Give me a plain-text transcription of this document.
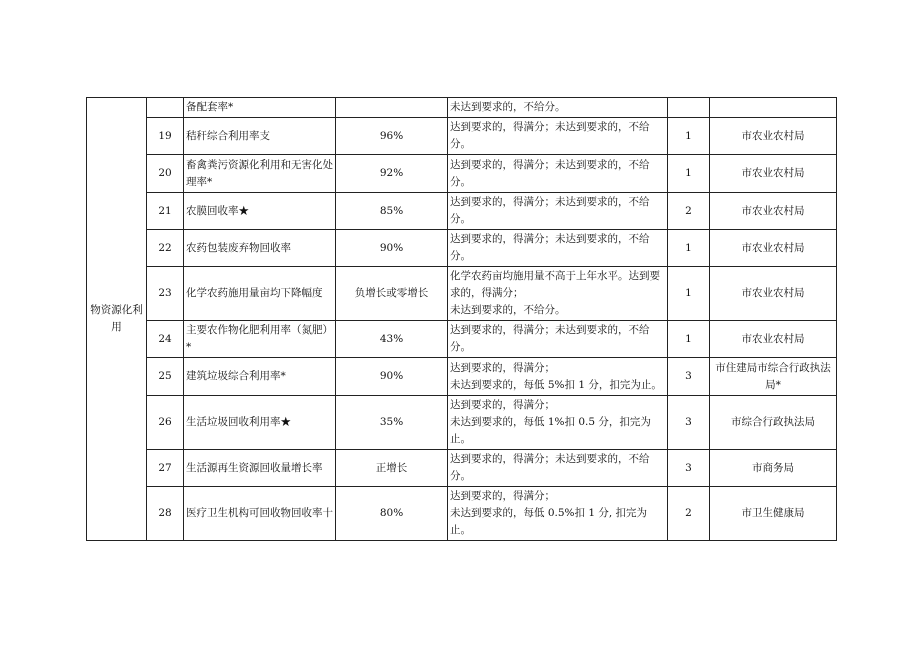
物资源化利用		备配套率*		未达到要求的，不给分。		

	19	秸秆综合利用率支	96%	达到要求的，得满分；未达到要求的，不给
分。	1	市农业农村局
	20	畜禽粪污资源化利用和无害化处理率*	92%	达到要求的，得满分；未达到要求的，不给
分。	1	市农业农村局
	21	农膜回收率★	85%	达到要求的，得满分；未达到要求的，不给
分。	2	市农业农村局
	22	农药包装废弃物回收率	90%	达到要求的，得满分；未达到要求的，不给
分。	1	市农业农村局
	23	化学农药施用量亩均下降幅度	负增长或零增长	化学农药亩均施用量不高于上年水平。达到要
求的，得满分；
未达到要求的，不给分。	1	市农业农村局
	24	主要农作物化肥利用率（氮肥）*	43%	达到要求的，得满分；未达到要求的，不给
分。	1	市农业农村局
	25	建筑垃圾综合利用率*	90%	达到要求的，得满分；
未达到要求的，每低 5%扣 1 分，扣完为止。	3	市住建局市综合行政执法局*
	26	生活垃圾回收利用率★	35%	达到要求的，得满分；
未达到要求的，每低 1%扣 0.5 分，扣完为
止。	3	市综合行政执法局
	27	生活源再生资源回收量增长率	正增长	达到要求的，得满分；未达到要求的，不给
分。	3	市商务局
	28	医疗卫生机构可回收物回收率十	80%	达到要求的，得满分；
未达到要求的，每低 0.5%扣 1 分, 扣完为止。	2	市卫生健康局
